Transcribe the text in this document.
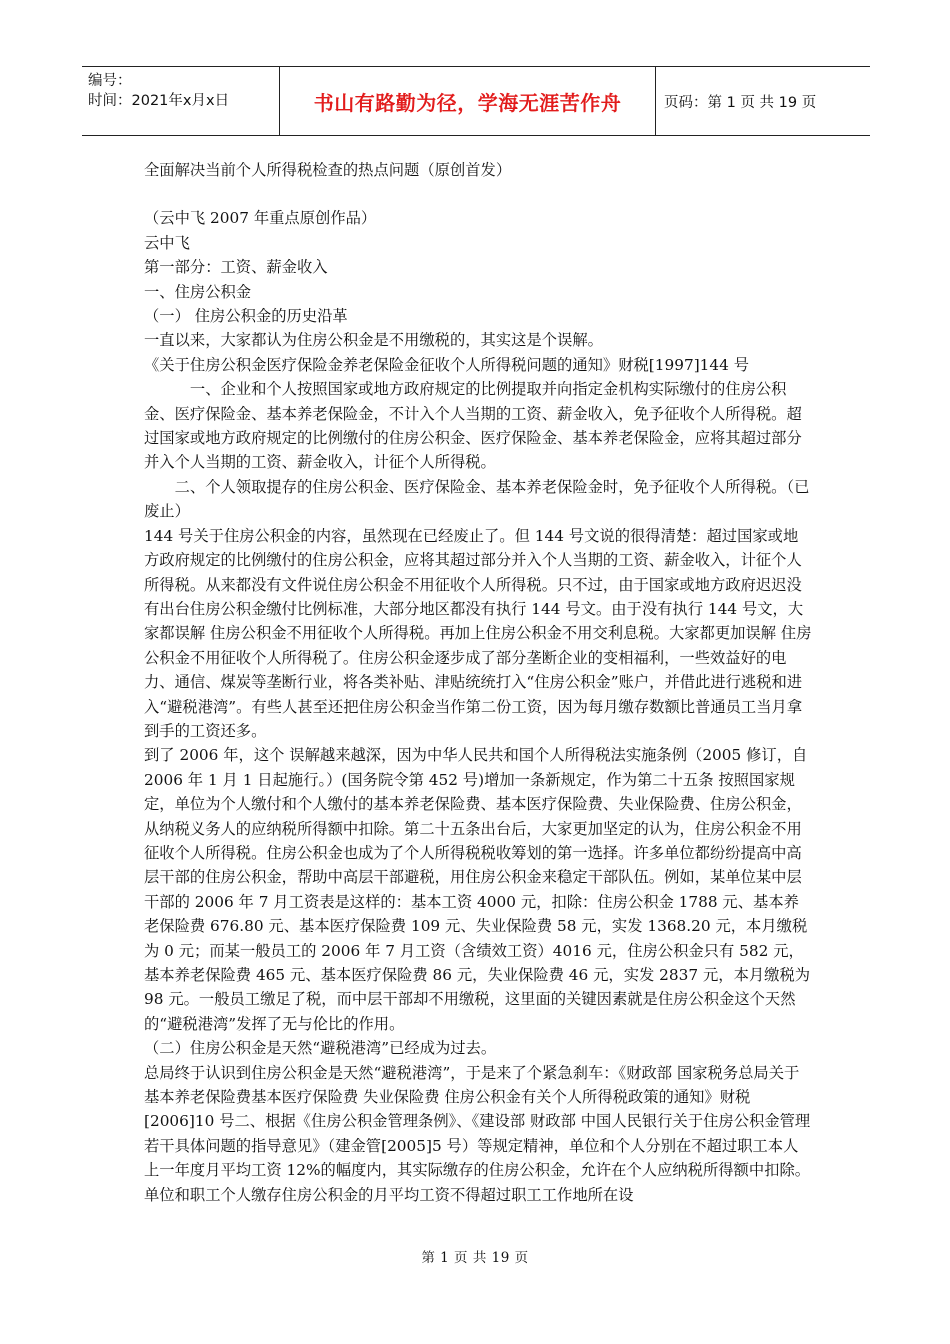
编号：
时间：2021年x月x日	书山有路勤为径，学海无涯苦作舟	页码：第 1 页 共 19 页

全面解决当前个人所得税检查的热点问题（原创首发）

（云中飞 2007 年重点原创作品）

云中飞

第一部分：工资、薪金收入

一、住房公积金

（一） 住房公积金的历史沿革

一直以来，大家都认为住房公积金是不用缴税的，其实这是个误解。

《关于住房公积金医疗保险金养老保险金征收个人所得税问题的通知》财税[1997]144 号

一、企业和个人按照国家或地方政府规定的比例提取并向指定金机构实际缴付的住房公积金、医疗保险金、基本养老保险金，不计入个人当期的工资、薪金收入，免予征收个人所得税。超过国家或地方政府规定的比例缴付的住房公积金、医疗保险金、基本养老保险金，应将其超过部分并入个人当期的工资、薪金收入，计征个人所得税。

二、个人领取提存的住房公积金、医疗保险金、基本养老保险金时，免予征收个人所得税。（已废止）

144 号关于住房公积金的内容，虽然现在已经废止了。但 144 号文说的很得清楚：超过国家或地方政府规定的比例缴付的住房公积金，应将其超过部分并入个人当期的工资、薪金收入，计征个人所得税。从来都没有文件说住房公积金不用征收个人所得税。只不过，由于国家或地方政府迟迟没有出台住房公积金缴付比例标准，大部分地区都没有执行 144 号文。由于没有执行 144 号文，大家都误解 住房公积金不用征收个人所得税。再加上住房公积金不用交利息税。大家都更加误解 住房公积金不用征收个人所得税了。住房公积金逐步成了部分垄断企业的变相福利，一些效益好的电力、通信、煤炭等垄断行业，将各类补贴、津贴统统打入“住房公积金”账户，并借此进行逃税和进入“避税港湾”。有些人甚至还把住房公积金当作第二份工资，因为每月缴存数额比普通员工当月拿到手的工资还多。

到了 2006 年，这个 误解越来越深，因为中华人民共和国个人所得税法实施条例（2005 修订，自 2006 年 1 月 1 日起施行。）(国务院令第 452 号)增加一条新规定，作为第二十五条 按照国家规定，单位为个人缴付和个人缴付的基本养老保险费、基本医疗保险费、失业保险费、住房公积金，从纳税义务人的应纳税所得额中扣除。第二十五条出台后，大家更加坚定的认为，住房公积金不用征收个人所得税。住房公积金也成为了个人所得税税收筹划的第一选择。许多单位都纷纷提高中高层干部的住房公积金，帮助中高层干部避税，用住房公积金来稳定干部队伍。例如，某单位某中层干部的 2006 年 7 月工资表是这样的：基本工资 4000 元，扣除：住房公积金 1788 元、基本养老保险费 676.80 元、基本医疗保险费 109 元、失业保险费 58 元，实发 1368.20 元，本月缴税为 0 元；而某一般员工的 2006 年 7 月工资（含绩效工资）4016 元，住房公积金只有 582 元，基本养老保险费 465 元、基本医疗保险费 86 元，失业保险费 46 元，实发 2837 元，本月缴税为 98 元。一般员工缴足了税，而中层干部却不用缴税，这里面的关键因素就是住房公积金这个天然的“避税港湾”发挥了无与伦比的作用。

（二）住房公积金是天然“避税港湾”已经成为过去。

总局终于认识到住房公积金是天然“避税港湾”，于是来了个紧急刹车：《财政部 国家税务总局关于基本养老保险费基本医疗保险费 失业保险费 住房公积金有关个人所得税政策的通知》财税[2006]10 号二、根据《住房公积金管理条例》、《建设部 财政部 中国人民银行关于住房公积金管理若干具体问题的指导意见》（建金管[2005]5 号）等规定精神，单位和个人分别在不超过职工本人上一年度月平均工资 12%的幅度内，其实际缴存的住房公积金，允许在个人应纳税所得额中扣除。单位和职工个人缴存住房公积金的月平均工资不得超过职工工作地所在设

第 1 页 共 19 页
